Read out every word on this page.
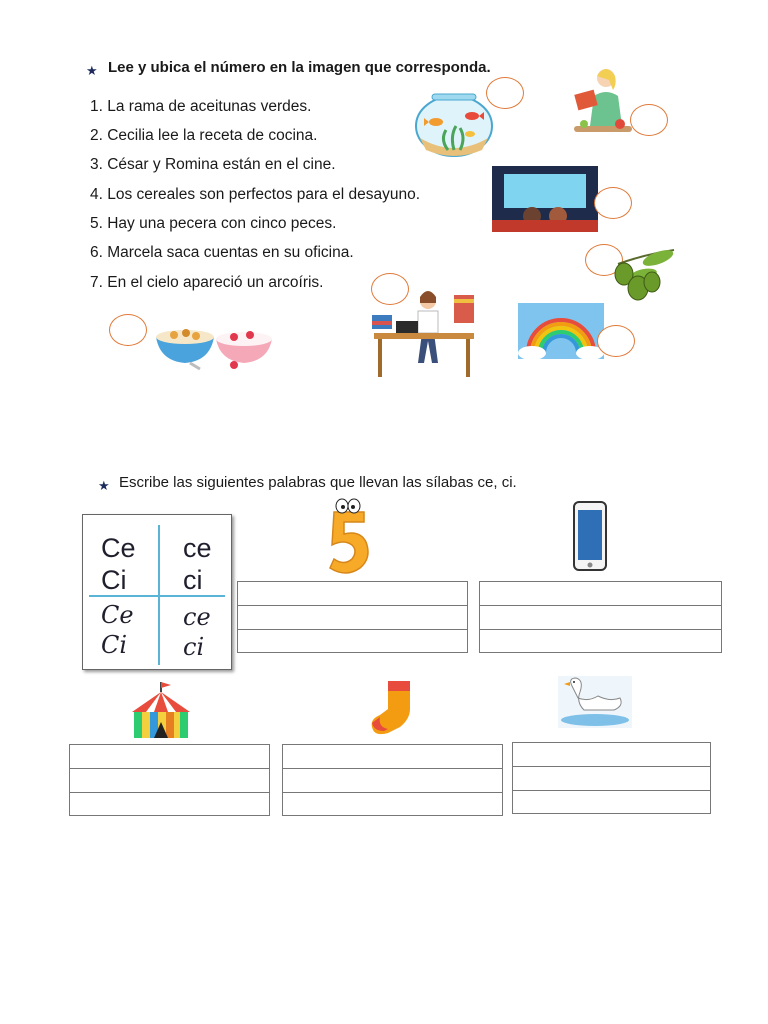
★ Lee y ubica el número en la imagen que corresponda.
1. La rama de aceitunas verdes.
2. Cecilia lee la receta de cocina.
3. César y Romina están en el cine.
4. Los cereales son perfectos para el desayuno.
5. Hay una pecera con cinco peces.
6. Marcela saca cuentas en su oficina.
7. En el cielo apareció un arcoíris.
★ Escribe las siguientes palabras que llevan las sílabas ce, ci.
Ce ce
Ci ci
Ce ce
Ci ci
